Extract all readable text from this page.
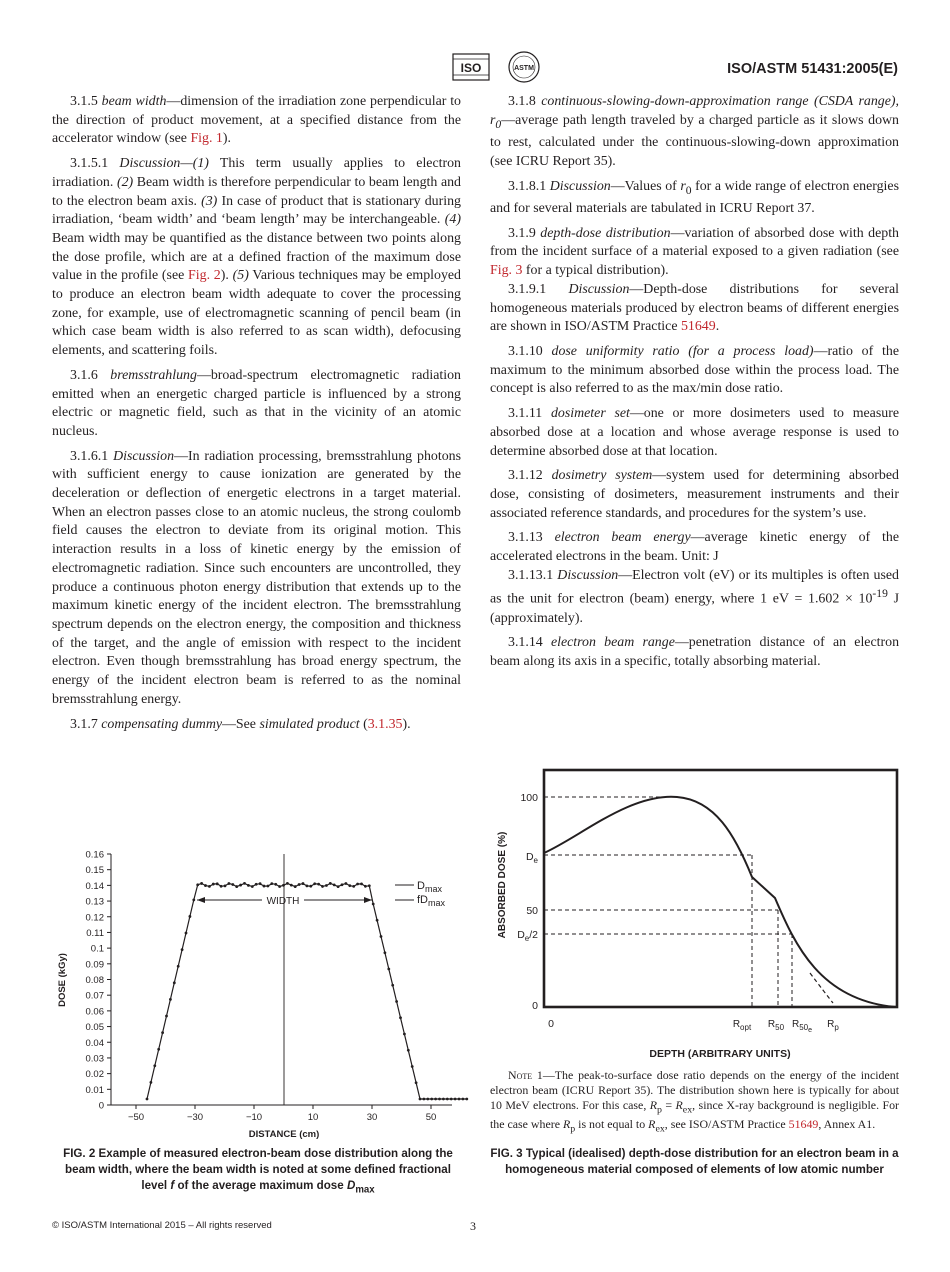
ISO	ASTM	ISO/ASTM 51431:2005(E)

3.1.5 beam width—dimension of the irradiation zone perpendicular to the direction of product movement, at a specified distance from the accelerator window (see Fig. 1).

3.1.5.1 Discussion—(1) This term usually applies to electron irradiation. (2) Beam width is therefore perpendicular to beam length and to the electron beam axis. (3) In case of product that is stationary during irradiation, ‘beam width’ and ‘beam length’ may be interchangeable. (4) Beam width may be quantified as the distance between two points along the dose profile, which are at a defined fraction of the maximum dose value in the profile (see Fig. 2). (5) Various techniques may be employed to produce an electron beam width adequate to cover the processing zone, for example, use of electromagnetic scanning of pencil beam (in which case beam width is also referred to as scan width), defocusing elements, and scattering foils.

3.1.6 bremsstrahlung—broad-spectrum electromagnetic radiation emitted when an energetic charged particle is influenced by a strong electric or magnetic field, such as that in the vicinity of an atomic nucleus.

3.1.6.1 Discussion—In radiation processing, bremsstrahlung photons with sufficient energy to cause ionization are generated by the deceleration or deflection of energetic electrons in a target material. When an electron passes close to an atomic nucleus, the strong coulomb field causes the electron to deviate from its original motion. This interaction results in a loss of kinetic energy by the emission of electromagnetic radiation. Since such encounters are uncontrolled, they produce a continuous photon energy distribution that extends up to the maximum kinetic energy of the incident electron. The bremsstrahlung spectrum depends on the electron energy, the composition and thickness of the target, and the angle of emission with respect to the incident electron. Even though bremsstrahlung has broad energy spectrum, the energy of the incident electron beam is referred to as the nominal bremsstrahlung energy.

3.1.7 compensating dummy—See simulated product (3.1.35).

3.1.8 continuous-slowing-down-approximation range (CSDA range), $r_0—average$ path length traveled by a charged particle as it slows down to rest, calculated under the continuous-slowing-down approximation (see ICRU Report 35).

3.1.8.1 Discussion—Values of $r_0$ for a wide range of electron energies and for several materials are tabulated in ICRU Report 37.

3.1.9 depth-dose distribution—variation of absorbed dose with depth from the incident surface of a material exposed to a given radiation (see Fig. 3 for a typical distribution).

3.1.9.1 Discussion—Depth-dose distributions for several homogeneous materials produced by electron beams of different energies are shown in ISO/ASTM Practice 51649.

3.1.10 dose uniformity ratio (for a process load)—ratio of the maximum to the minimum absorbed dose within the process load. The concept is also referred to as the max/min dose ratio.

3.1.11 dosimeter set—one or more dosimeters used to measure absorbed dose at a location and whose average response is used to determine absorbed dose at that location.

3.1.12 dosimetry system—system used for determining absorbed dose, consisting of dosimeters, measurement instruments and their associated reference standards, and procedures for the system’s use.

3.1.13 electron beam energy—average kinetic energy of the accelerated electrons in the beam. Unit: J

3.1.13.1 Discussion—Electron volt (eV) or its multiples is often used as the unit for electron (beam) energy, where 1 eV = $1.602 \times 10^{-19}$ J (approximately).

3.1.14 electron beam range—penetration distance of an electron beam along its axis in a specific, totally absorbing material.

0.16
0.15
0.14
0.13
0.12
0.11
0.1
0.09
0.08
0.07
0.06
0.05
0.04
0.03
0.02
0.01
0
−50	−30	−10	10	30	50
WIDTH
$D_{max}$
$fD_{max}$
DOSE (kGy)
DISTANCE (cm)
FIG. 2 Example of measured electron-beam dose distribution along the beam width, where the beam width is noted at some defined fractional level f of the average maximum dose $D_{max}$
100
$D_e$
50
$D_e/2$
0
0	$R_{opt}$ $R_{50}$ $R_{50e}$
$R_p$
ABSORBED DOSE (%)
DEPTH (ARBITRARY UNITS)
Note 1—The peak-to-surface dose ratio depends on the energy of the incident electron beam (ICRU Report 35). The distribution shown here is typically for about 10 MeV electrons. For this case, $R_p = R_{ex}$, since X-ray background is negligible. For the case where $R_p$ is not equal to $R_{ex}$, see ISO/ASTM Practice 51649, Annex A1.
FIG. 3 Typical (idealised) depth-dose distribution for an electron beam in a homogeneous material composed of elements of low atomic number
© ISO/ASTM International 2015 – All rights reserved	3
